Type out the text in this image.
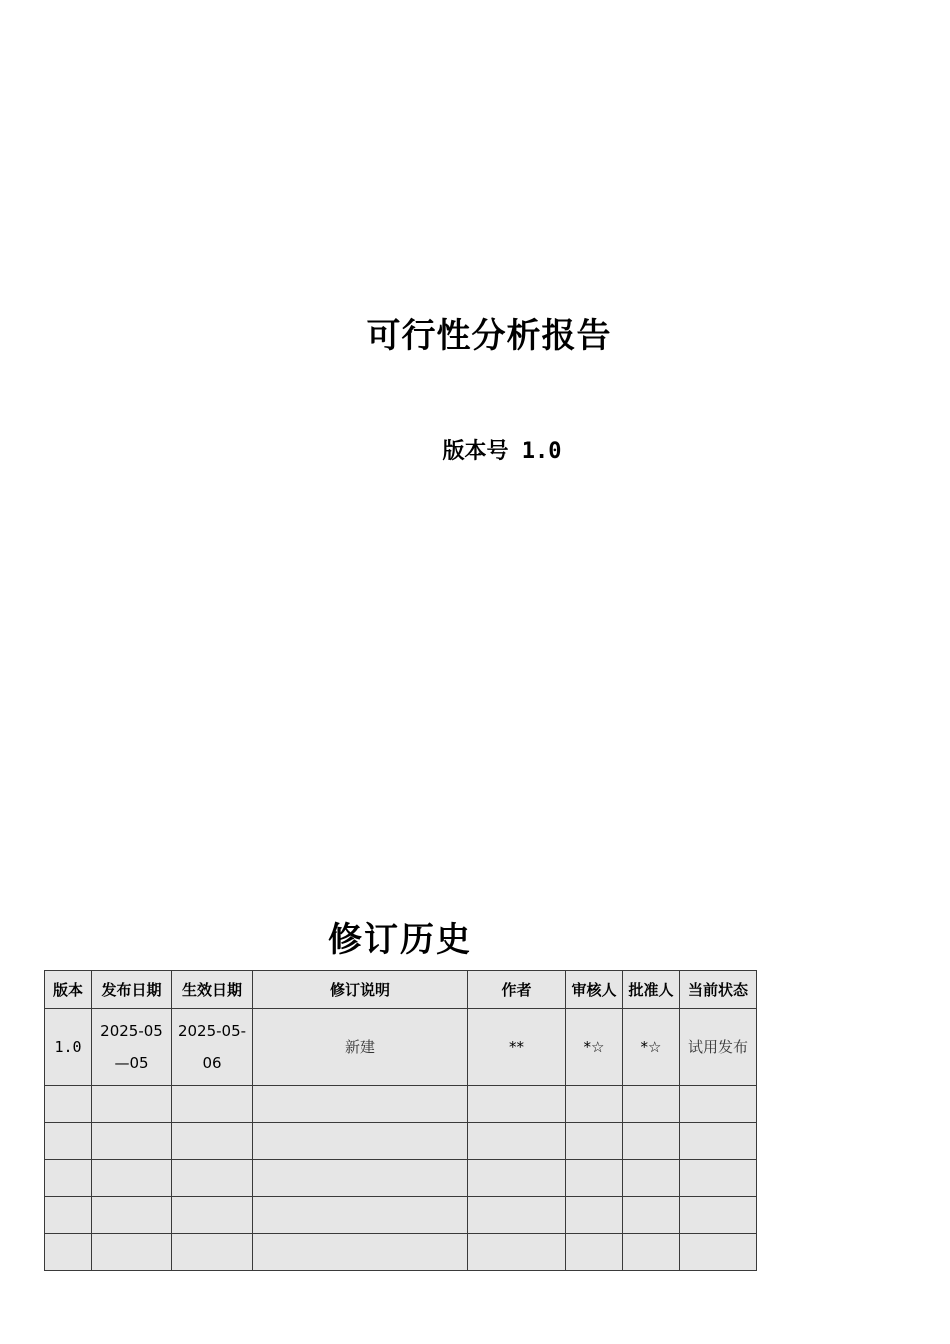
可行性分析报告
版本号 1.0
修订历史
版本	发布日期	生效日期	修订说明	作者	审核人	批准人	当前状态
1.0	2025-05—05	2025-05-06	新建	**	*☆	*☆	试用发布
